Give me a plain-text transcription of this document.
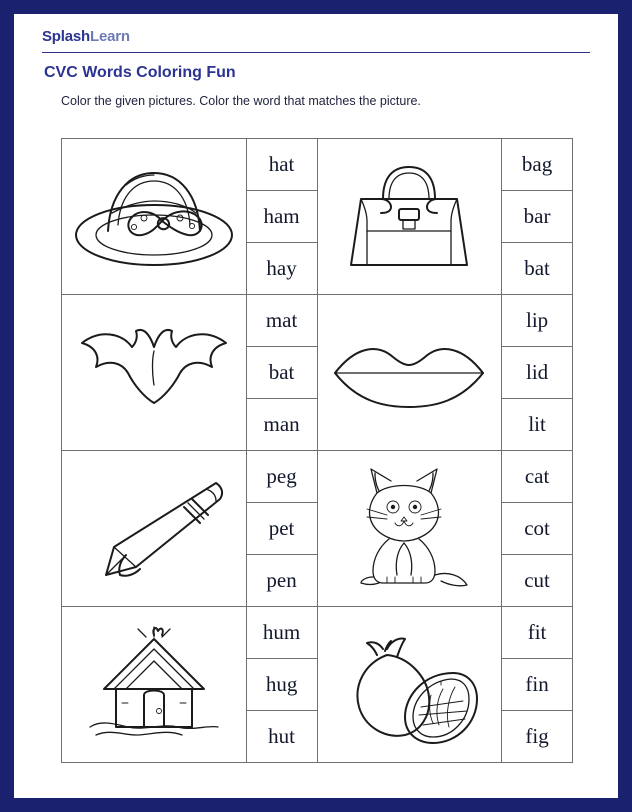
SplashLearn
CVC Words Coloring Fun
Color the given pictures. Color the word that matches the picture.
hat
ham
hay
bag
bar
bat
mat
bat
man
lip
lid
lit
peg
pet
pen
cat
cot
cut
hum
hug
hut
fit
fin
fig
